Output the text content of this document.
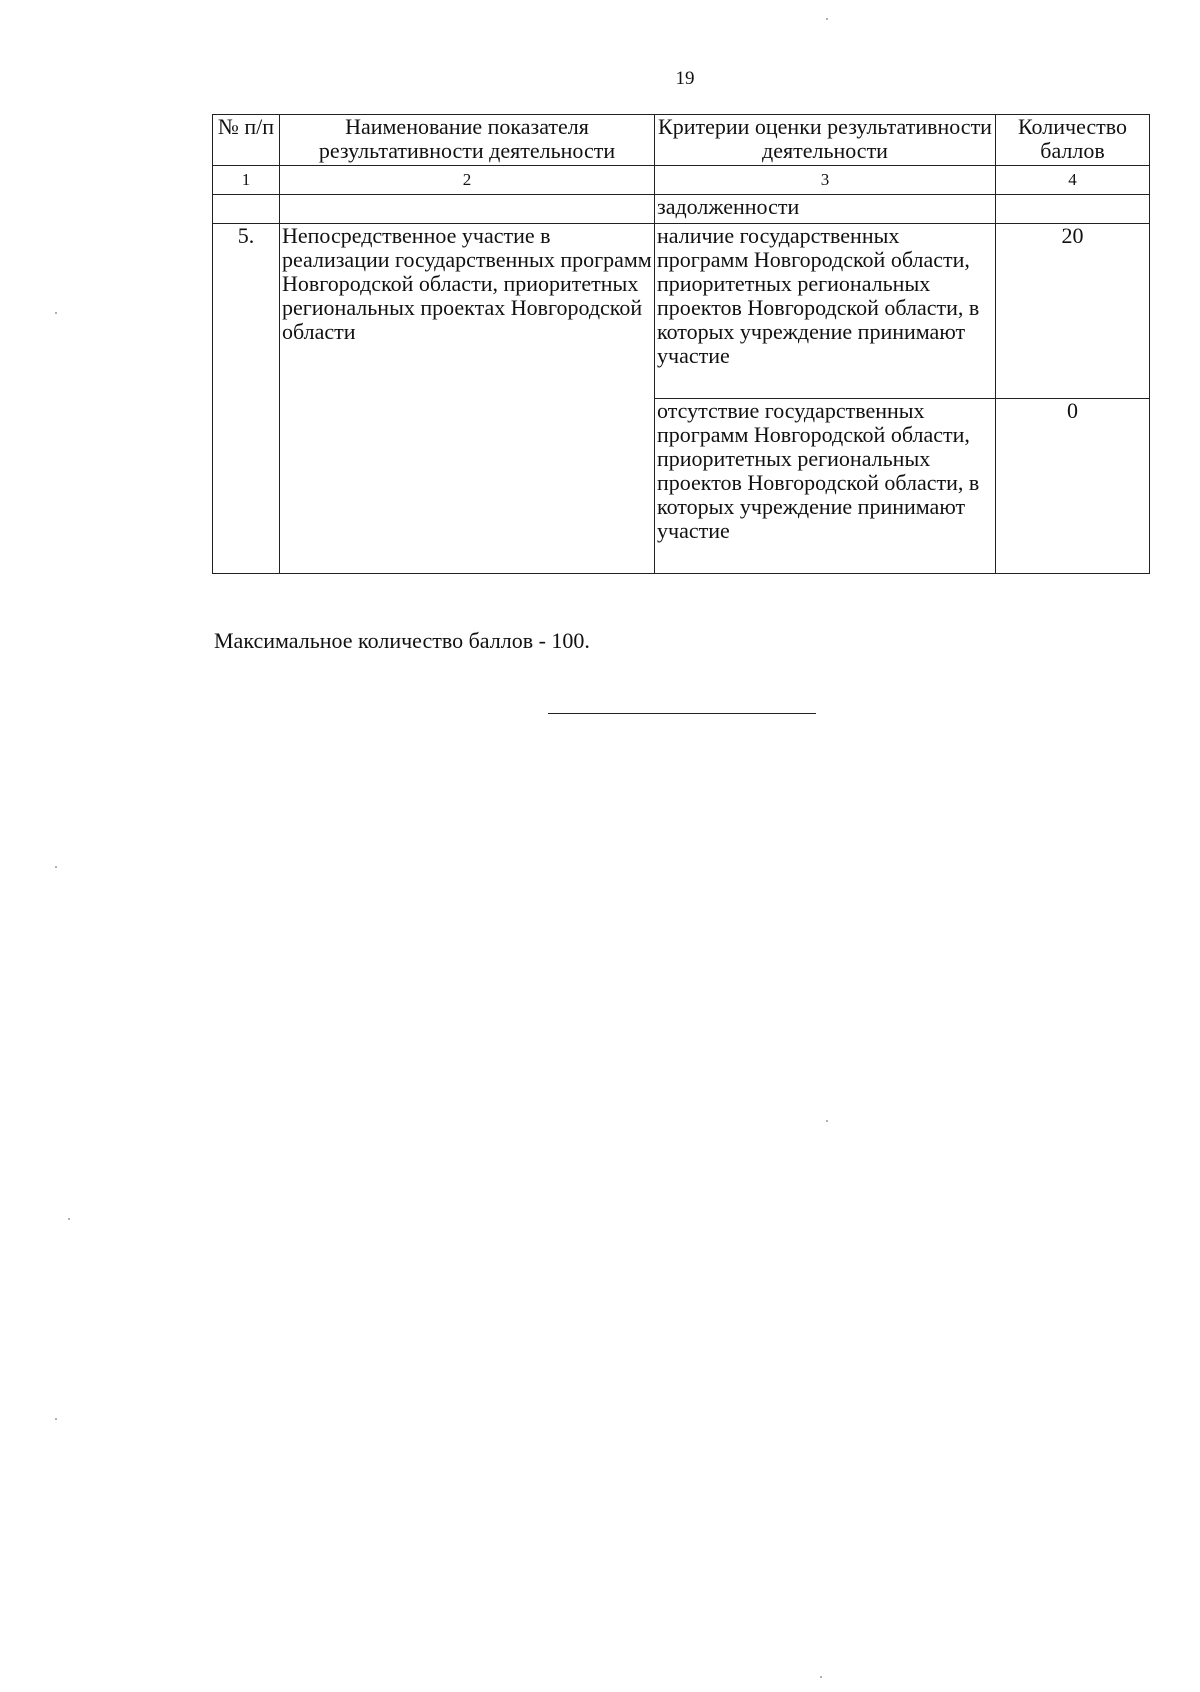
19
№ п/п	Наименование показателя результативности деятельности	Критерии оценки результативности деятельности	Количество баллов
1	2	3	4
		задолженности	
5.	Непосредственное участие в реализации государственных программ Новгородской области, приоритетных региональных проектах Новгородской области	наличие государственных программ Новгородской области, приоритетных региональных проектов Новгородской области, в которых учреждение принимают участие	20
		отсутствие государственных программ Новгородской области, приоритетных региональных проектов Новгородской области, в которых учреждение принимают участие	0
Максимальное количество баллов - 100.
